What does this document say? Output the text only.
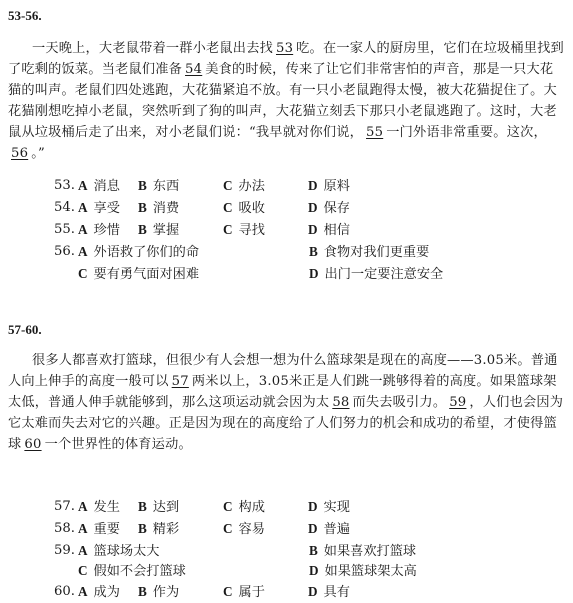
53-56.

一天晚上，大老鼠带着一群小老鼠出去找 53 吃。在一家人的厨房里，它们在垃圾桶里找到了吃剩的饭菜。当老鼠们准备 54 美食的时候，传来了让它们非常害怕的声音，那是一只大花猫的叫声。老鼠们四处逃跑，大花猫紧追不放。有一只小老鼠跑得太慢，被大花猫捉住了。大花猫刚想吃掉小老鼠，突然听到了狗的叫声，大花猫立刻丢下那只小老鼠逃跑了。这时，大老鼠从垃圾桶后走了出来，对小老鼠们说：“我早就对你们说， 55 一门外语非常重要。这次，56 。”

53. A 消息 B 东西	C 办法	D 原料
54. A 享受 B 消费	C 吸收	D 保存
55. A 珍惜 B 掌握	C 寻找	D 相信
56. A 外语救了你们的命	B 食物对我们更重要
C 要有勇气面对困难	D 出门一定要注意安全
57-60.

很多人都喜欢打篮球，但很少有人会想一想为什么篮球架是现在的高度——3.05米。普通人向上伸手的高度一般可以 57 两米以上，3.05米正是人们跳一跳够得着的高度。如果篮球架太低，普通人伸手就能够到，那么这项运动就会因为太 58 而失去吸引力。 59 ，人们也会因为它太难而失去对它的兴趣。正是因为现在的高度给了人们努力的机会和成功的希望，才使得篮球 60 一个世界性的体育运动。

57. A 发生 B 达到	C 构成	D 实现
58. A 重要 B 精彩	C 容易	D 普遍
59. A 篮球场太大	B 如果喜欢打篮球
C 假如不会打篮球	D 如果篮球架太高
60. A 成为 B 作为	C 属于	D 具有
